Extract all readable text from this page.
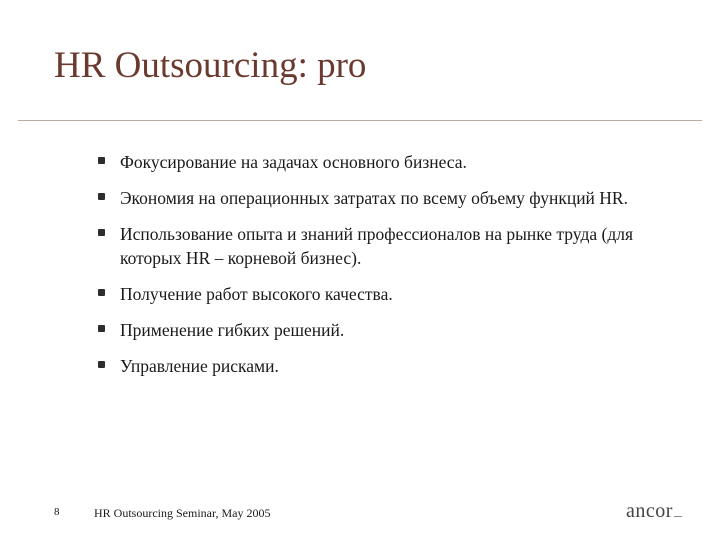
HR Outsourcing: pro
Фокусирование на задачах основного бизнеса.
Экономия на операционных затратах по всему объему функций HR.
Использование опыта и знаний профессионалов на рынке труда (для которых HR – корневой бизнес).
Получение работ высокого качества.
Применение гибких решений.
Управление рисками.
8	HR Outsourcing Seminar, May 2005	ancor
